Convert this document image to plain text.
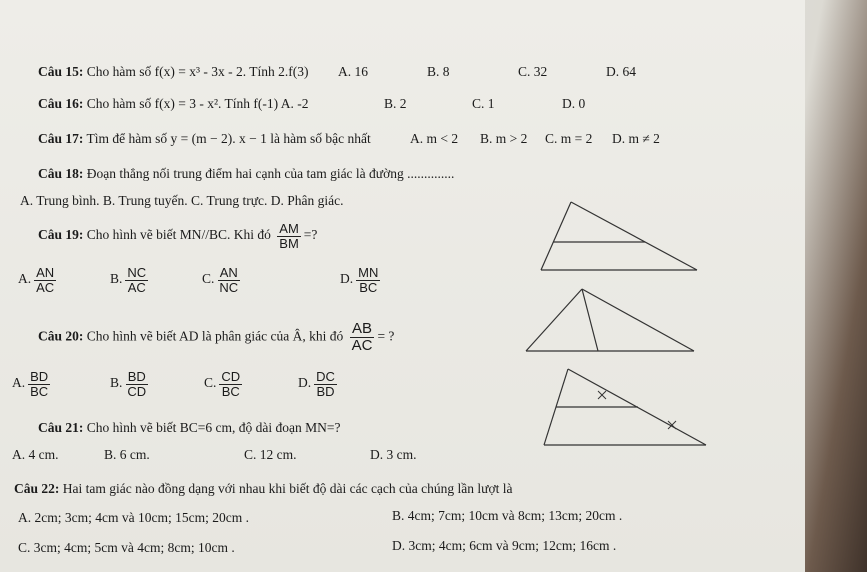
Câu 15: Cho hàm số f(x) = x³ - 3x - 2. Tính 2.f(3) A. 16	B. 8	C. 32	D. 64
Câu 16: Cho hàm số f(x) = 3 - x². Tính f(-1) A. -2	B. 2	C. 1	D. 0
Câu 17: Tìm để hàm số y = (m − 2). x − 1 là hàm số bậc nhất	A. m < 2 B. m > 2 C. m = 2 D. m ≠ 2
Câu 18: Đoạn thẳng nối trung điểm hai cạnh của tam giác là đường ..............
A. Trung bình. B. Trung tuyến. C. Trung trực. D. Phân giác.
Câu 19: Cho hình vẽ biết MN//BC. Khi đó $\frac{AM}{BM}$ =?
A. $\frac{AN}{AC}$	B. $\frac{NC}{AC}$	C. $\frac{AN}{NC}$	D. $\frac{MN}{BC}$
Câu 20: Cho hình vẽ biết AD là phân giác của Â, khi đó $\frac{AB}{AC}$ = ?
A. $\frac{BD}{BC}$	B. $\frac{BD}{CD}$	C. $\frac{CD}{BC}$	D. $\frac{DC}{BD}$
Câu 21: Cho hình vẽ biết BC=6 cm, độ dài đoạn MN=?
A. 4 cm.	B. 6 cm.	C. 12 cm.	D. 3 cm.
Câu 22: Hai tam giác nào đồng dạng với nhau khi biết độ dài các cạch của chúng lần lượt là
A. 2cm; 3cm; 4cm và 10cm; 15cm; 20cm .	B. 4cm; 7cm; 10cm và 8cm; 13cm; 20cm .
C. 3cm; 4cm; 5cm và 4cm; 8cm; 10cm .	D. 3cm; 4cm; 6cm và 9cm; 12cm; 16cm .
